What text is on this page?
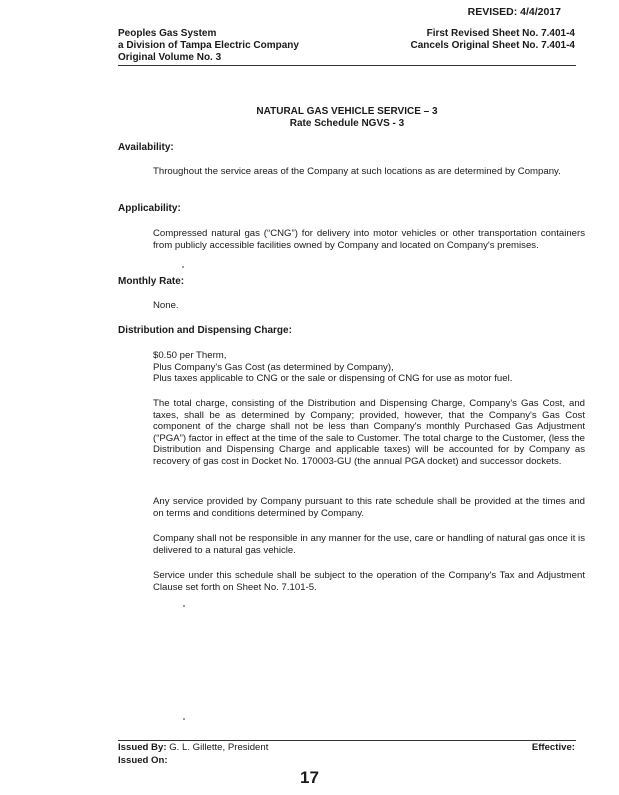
REVISED: 4/4/2017
Peoples Gas System
a Division of Tampa Electric Company
Original Volume No. 3
First Revised Sheet No. 7.401-4
Cancels Original Sheet No. 7.401-4
NATURAL GAS VEHICLE SERVICE – 3
Rate Schedule NGVS - 3
Availability:
Throughout the service areas of the Company at such locations as are determined by Company.
Applicability:
Compressed natural gas (“CNG”) for delivery into motor vehicles or other transportation containers from publicly accessible facilities owned by Company and located on Company's premises.
Monthly Rate:
None.
Distribution and Dispensing Charge:
$0.50 per Therm,
Plus Company's Gas Cost (as determined by Company),
Plus taxes applicable to CNG or the sale or dispensing of CNG for use as motor fuel.
The total charge, consisting of the Distribution and Dispensing Charge, Company's Gas Cost, and taxes, shall be as determined by Company; provided, however, that the Company's Gas Cost component of the charge shall not be less than Company's monthly Purchased Gas Adjustment (“PGA”) factor in effect at the time of the sale to Customer. The total charge to the Customer, (less the Distribution and Dispensing Charge and applicable taxes) will be accounted for by Company as recovery of gas cost in Docket No. 170003-GU (the annual PGA docket) and successor dockets.
Any service provided by Company pursuant to this rate schedule shall be provided at the times and on terms and conditions determined by Company.
Company shall not be responsible in any manner for the use, care or handling of natural gas once it is delivered to a natural gas vehicle.
Service under this schedule shall be subject to the operation of the Company's Tax and Adjustment Clause set forth on Sheet No. 7.101-5.
Issued By: G. L. Gillette, President
Issued On:
Effective:
17
